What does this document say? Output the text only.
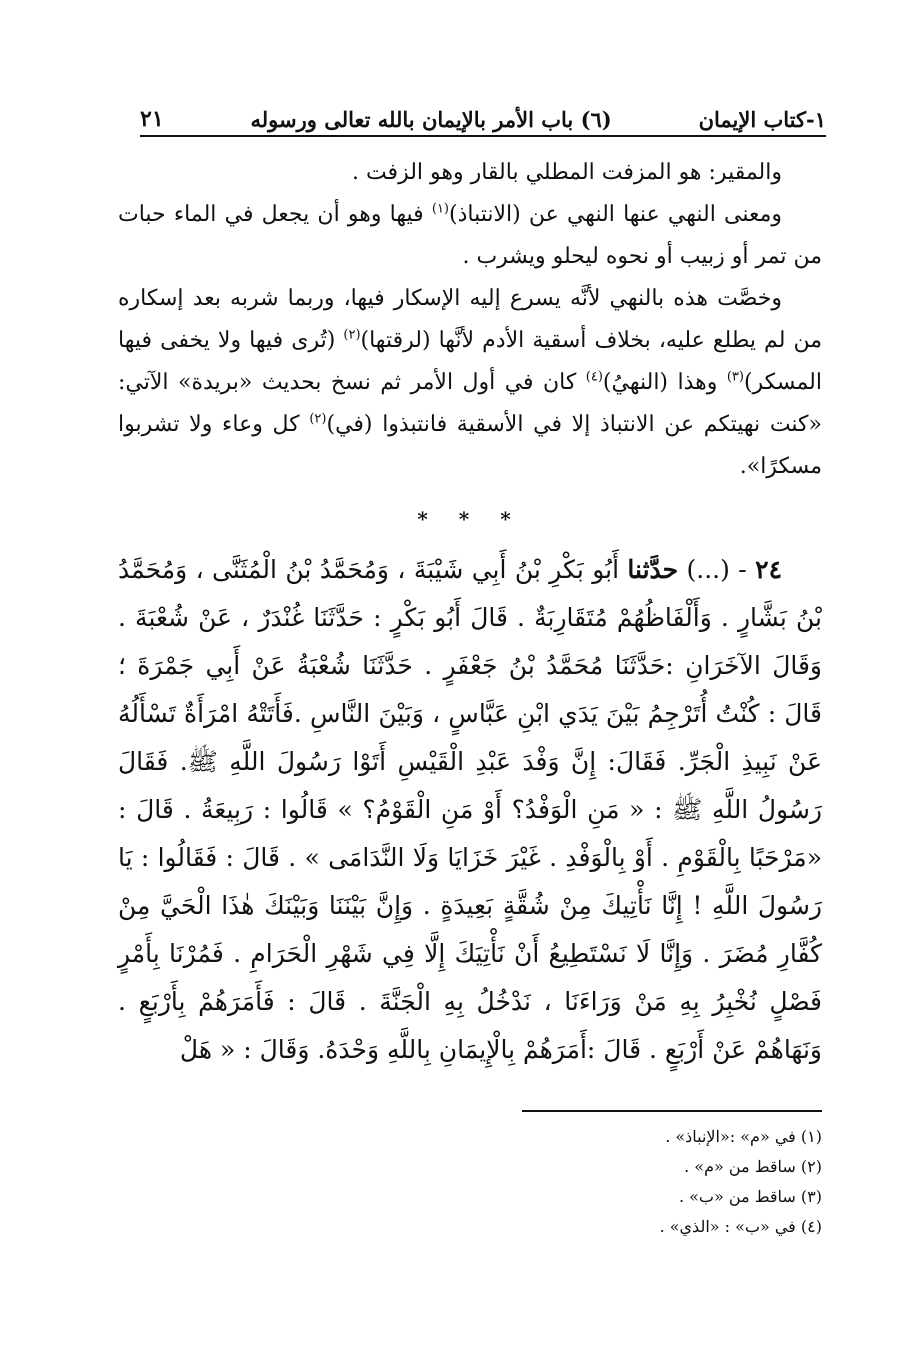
١-كتاب الإيمان
(٦) باب الأمر بالإيمان بالله تعالى ورسوله
٢١

والمقير: هو المزفت المطلي بالقار وهو الزفت .

ومعنى النهي عنها النهي عن (الانتباذ)$^{(١)}$ فيها وهو أن يجعل في الماء حبات من تمر أو زبيب أو نحوه ليحلو ويشرب .

وخصَّت هذه بالنهي لأنَّه يسرع إليه الإسكار فيها، وربما شربه بعد إسكاره من لم يطلع عليه، بخلاف أسقية الأدم لأنَّها (لرقتها)$^{(٢)}$ (تُرى فيها ولا يخفى فيها المسكر)$^{(٣)}$ وهذا (النهيُ)$^{(٤)}$ كان في أول الأمر ثم نسخ بحديث «بريدة» الآتي: «كنت نهيتكم عن الانتباذ إلا في الأسقية فانتبذوا (في)$^{(٢)}$ كل وعاء ولا تشربوا مسكرًا».

* * *

٢٤ - (...) حدَّثنا أَبُو بَكْرِ بْنُ أَبِي شَيْبَةَ ، وَمُحَمَّدُ بْنُ الْمُثَنَّى ، وَمُحَمَّدُ بْنُ بَشَّارٍ . وَأَلْفَاظُهُمْ مُتَقَارِبَةٌ . قَالَ أَبُو بَكْرٍ : حَدَّثَنَا غُنْدَرٌ ، عَنْ شُعْبَةَ . وَقَالَ الآخَرَانِ :حَدَّثَنَا مُحَمَّدُ بْنُ جَعْفَرٍ . حَدَّثَنَا شُعْبَةُ عَنْ أَبِي جَمْرَةَ ؛ قَالَ : كُنْتُ أُتَرْجِمُ بَيْنَ يَدَي ابْنِ عَبَّاسٍ ، وَبَيْنَ النَّاسِ .فَأَتَتْهُ امْرَأَةٌ تَسْأَلُهُ عَنْ نَبِيذِ الْجَرِّ. فَقَالَ: إِنَّ وَفْدَ عَبْدِ الْقَيْسِ أَتَوْا رَسُولَ اللَّهِ ﷺ. فَقَالَ رَسُولُ اللَّهِ ﷺ : « مَنِ الْوَفْدُ؟ أَوْ مَنِ الْقَوْمُ؟ » قَالُوا : رَبِيعَةُ . قَالَ : «مَرْحَبًا بِالْقَوْمِ . أَوْ بِالْوَفْدِ . غَيْرَ خَزَايَا وَلَا النَّدَامَى » . قَالَ : فَقَالُوا : يَا رَسُولَ اللَّهِ ! إِنَّا نَأْتِيكَ مِنْ شُقَّةٍ بَعِيدَةٍ . وَإِنَّ بَيْنَنَا وَبَيْنَكَ هٰذَا الْحَيَّ مِنْ كُفَّارِ مُضَرَ . وَإِنَّا لَا نَسْتَطِيعُ أَنْ نَأْتِيَكَ إِلَّا فِي شَهْرِ الْحَرَامِ . فَمُرْنَا بِأَمْرٍ فَصْلٍ نُخْبِرُ بِهِ مَنْ وَرَاءَنَا ، نَدْخُلُ بِهِ الْجَنَّةَ . قَالَ : فَأَمَرَهُمْ بِأَرْبَعٍ . وَنَهَاهُمْ عَنْ أَرْبَعٍ . قَالَ :أَمَرَهُمْ بِالْإِيمَانِ بِاللَّهِ وَحْدَهُ. وَقَالَ : « هَلْ

(١) في «م» :«الإنباذ» .

(٢) ساقط من «م» .

(٣) ساقط من «ب» .

(٤) في «ب» : «الذي» .
